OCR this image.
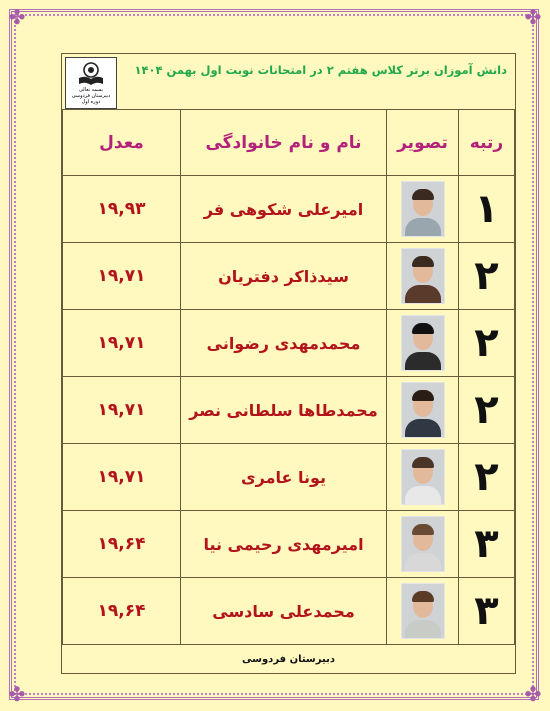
✤	✤
✤	✤
دانش آموزان برتر کلاس هفتم ۲ در امتحانات نوبت اول بهمن ۱۴۰۴
بسمه تعالی
دبیرستان فردوسی
دوره اول
رتبه	تصویر	نام و نام خانوادگی	معدل
۱		امیرعلی شکوهی فر	۱۹,۹۳
۲		سیدذاکر دفتریان	۱۹,۷۱
۲		محمدمهدی رضوانی	۱۹,۷۱
۲		محمدطاها سلطانی نصر	۱۹,۷۱
۲		یونا عامری	۱۹,۷۱
۳		امیرمهدی رحیمی نیا	۱۹,۶۴
۳		محمدعلی سادسی	۱۹,۶۴
دبیرستان فردوسی
